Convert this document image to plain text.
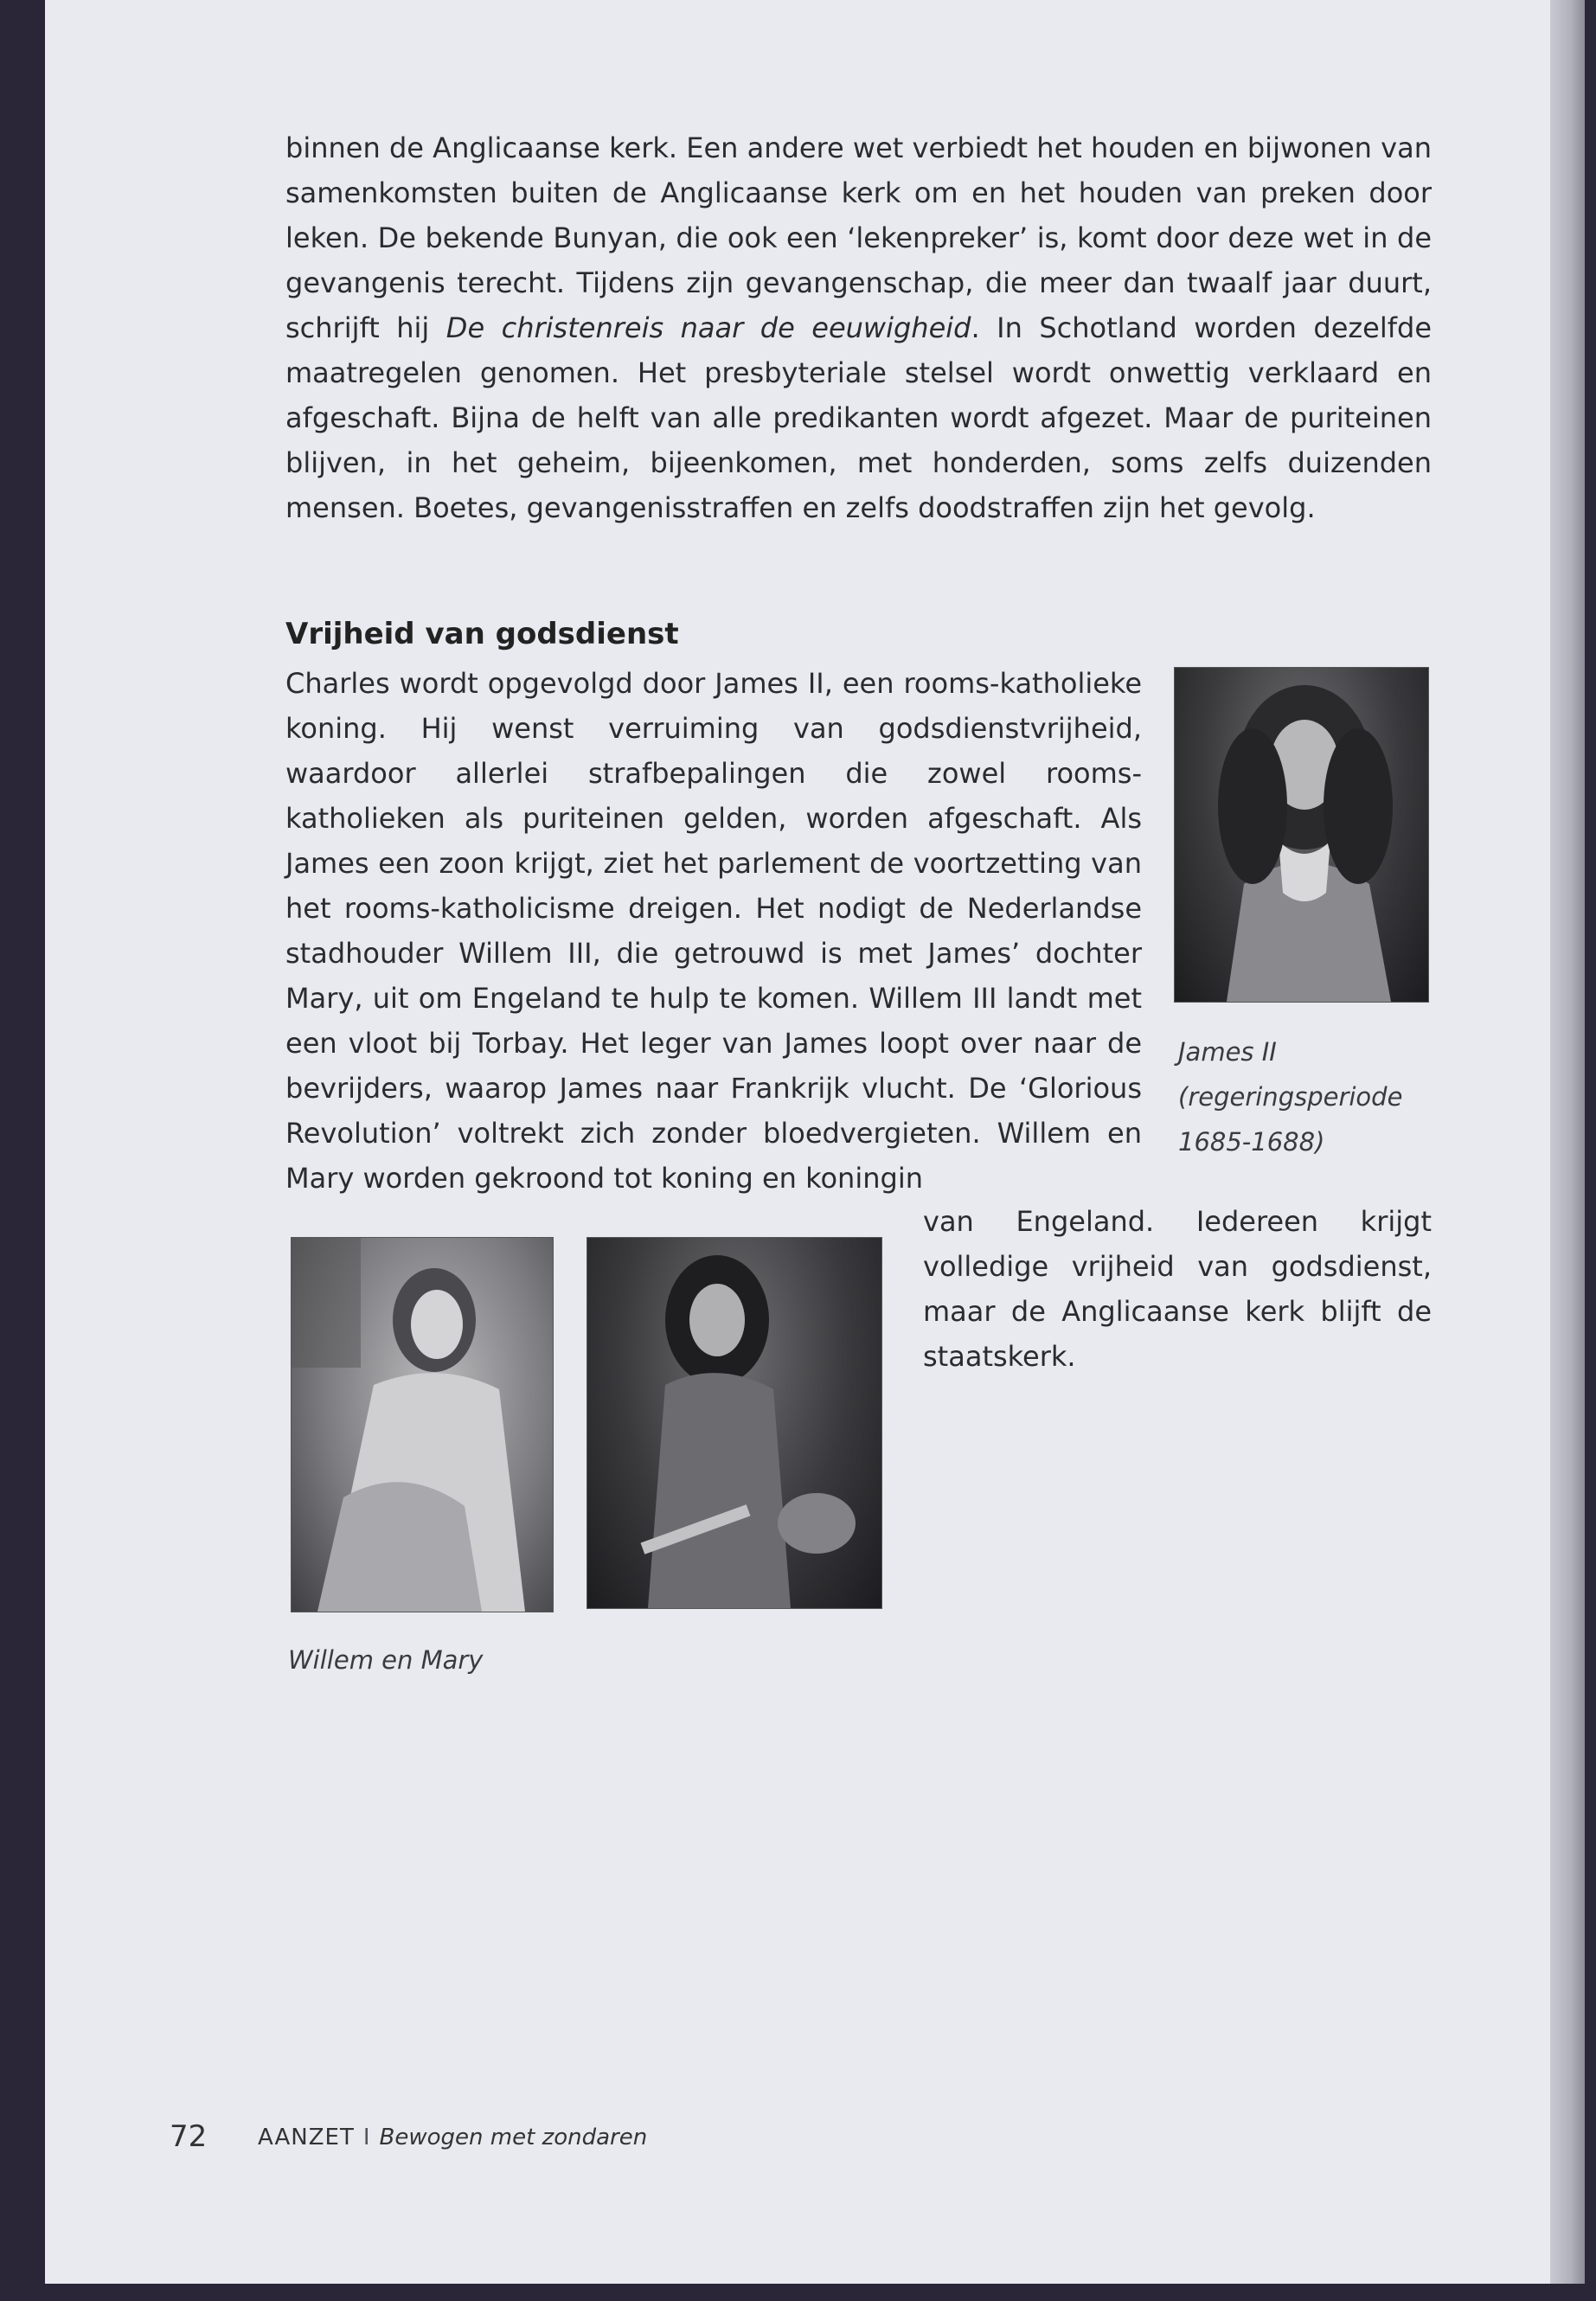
binnen de Anglicaanse kerk. Een andere wet verbiedt het houden en bijwonen van samenkomsten buiten de Anglicaanse kerk om en het houden van preken door leken. De bekende Bunyan, die ook een ‘lekenpreker’ is, komt door deze wet in de gevangenis terecht. Tijdens zijn gevangenschap, die meer dan twaalf jaar duurt, schrijft hij De christenreis naar de eeuwigheid. In Schotland worden dezelfde maatregelen genomen. Het presbyteriale stelsel wordt onwettig verklaard en afgeschaft. Bijna de helft van alle predikanten wordt afgezet. Maar de puriteinen blijven, in het geheim, bijeenkomen, met honderden, soms zelfs duizenden mensen. Boetes, gevangenisstraffen en zelfs doodstraffen zijn het gevolg.

Vrijheid van godsdienst

Charles wordt opgevolgd door James II, een rooms-katholieke koning. Hij wenst verruiming van godsdienstvrijheid, waardoor allerlei strafbepalingen die zowel rooms-katholieken als puriteinen gelden, worden afgeschaft. Als James een zoon krijgt, ziet het parlement de voortzetting van het rooms-katholicisme dreigen. Het nodigt de Nederlandse stadhouder Willem III, die getrouwd is met James’ dochter Mary, uit om Engeland te hulp te komen. Willem III landt met een vloot bij Torbay. Het leger van James loopt over naar de bevrijders, waarop James naar Frankrijk vlucht. De ‘Glorious Revolution’ voltrekt zich zonder bloedvergieten. Willem en Mary worden gekroond tot koning en koningin

James II
(regeringsperiode
1685-1688)

van Engeland. Iedereen krijgt volledige vrijheid van godsdienst, maar de Anglicaanse kerk blijft de staatskerk.

Willem en Mary

72 AANZET I Bewogen met zondaren
